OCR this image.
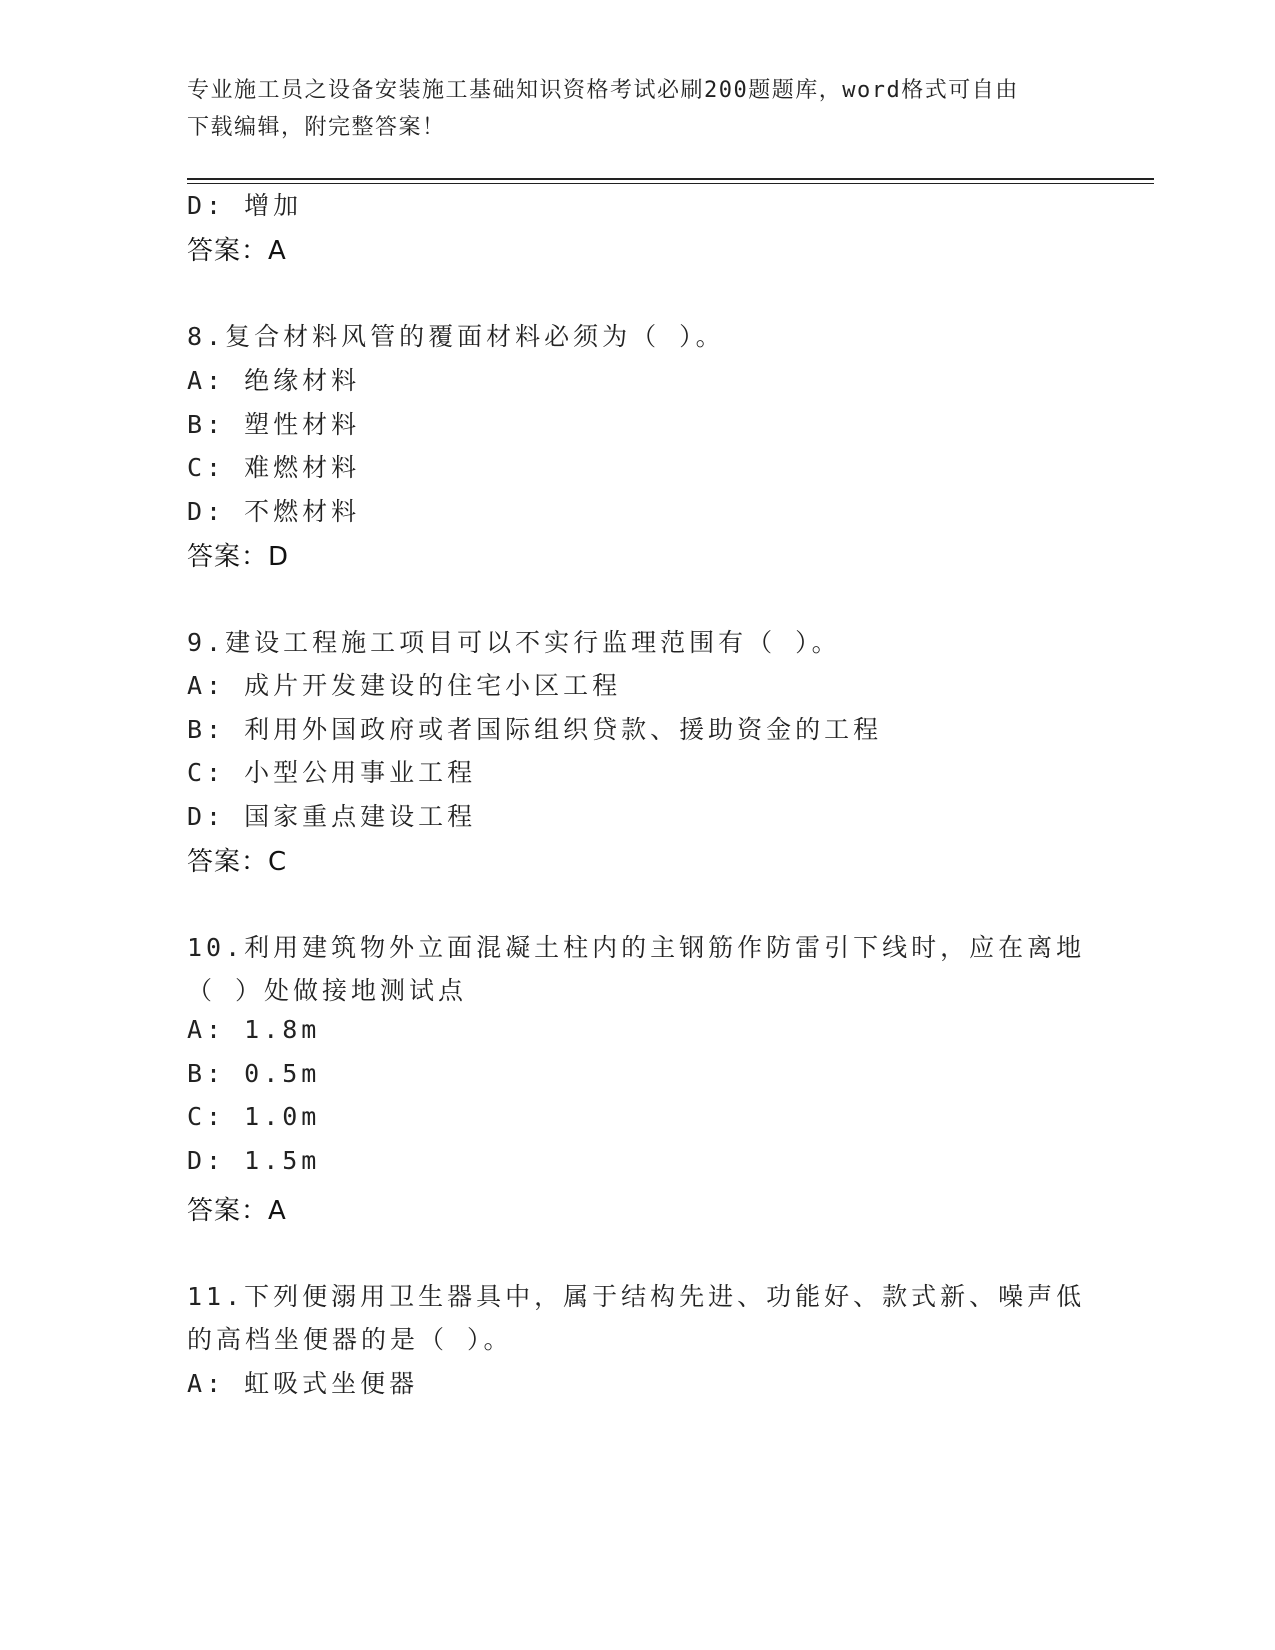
专业施工员之设备安装施工基础知识资格考试必刷200题题库，word格式可自由
下载编辑，附完整答案！
D: 增加
答案：A
8.复合材料风管的覆面材料必须为（ ）。
A: 绝缘材料
B: 塑性材料
C: 难燃材料
D: 不燃材料
答案：D
9.建设工程施工项目可以不实行监理范围有（ ）。
A: 成片开发建设的住宅小区工程
B: 利用外国政府或者国际组织贷款、援助资金的工程
C: 小型公用事业工程
D: 国家重点建设工程
答案：C
10.利用建筑物外立面混凝土柱内的主钢筋作防雷引下线时，应在离地
（ ）处做接地测试点
A: 1.8m
B: 0.5m
C: 1.0m
D: 1.5m
答案：A
11.下列便溺用卫生器具中，属于结构先进、功能好、款式新、噪声低
的高档坐便器的是（ ）。
A: 虹吸式坐便器
